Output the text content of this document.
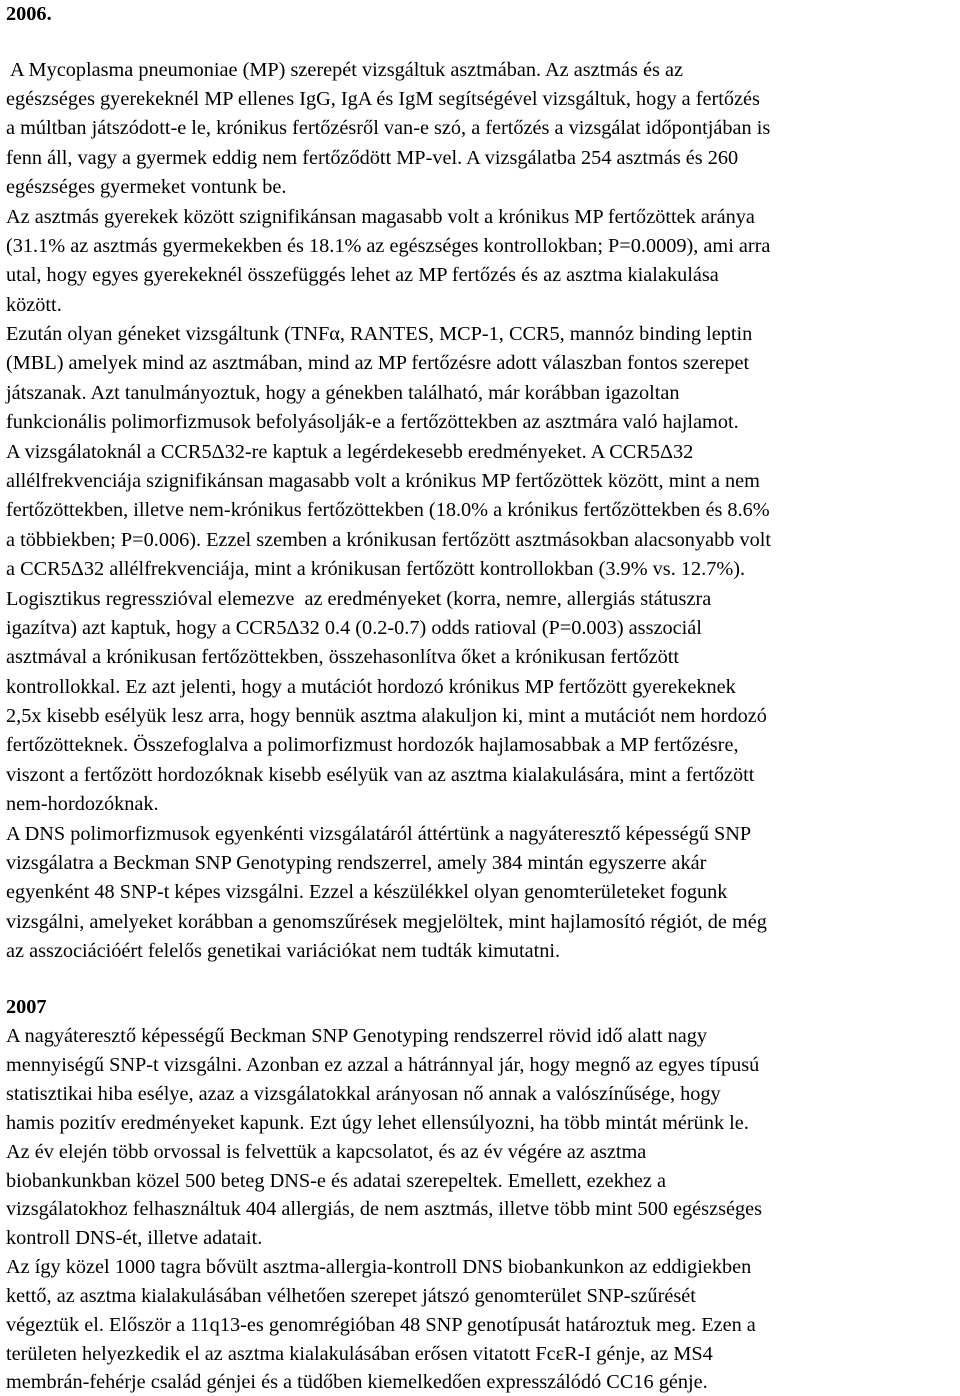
2006.
A Mycoplasma pneumoniae (MP) szerepét vizsgáltuk asztmában. Az asztmás és az
egészséges gyerekeknél MP ellenes IgG, IgA és IgM segítségével vizsgáltuk, hogy a fertőzés
a múltban játszódott-e le, krónikus fertőzésről van-e szó, a fertőzés a vizsgálat időpontjában is
fenn áll, vagy a gyermek eddig nem fertőződött MP-vel. A vizsgálatba 254 asztmás és 260
egészséges gyermeket vontunk be.
Az asztmás gyerekek között szignifikánsan magasabb volt a krónikus MP fertőzöttek aránya
(31.1% az asztmás gyermekekben és 18.1% az egészséges kontrollokban; P=0.0009), ami arra
utal, hogy egyes gyerekeknél összefüggés lehet az MP fertőzés és az asztma kialakulása
között.
Ezután olyan géneket vizsgáltunk (TNFα, RANTES, MCP-1, CCR5, mannóz binding leptin
(MBL) amelyek mind az asztmában, mind az MP fertőzésre adott válaszban fontos szerepet
játszanak. Azt tanulmányoztuk, hogy a génekben található, már korábban igazoltan
funkcionális polimorfizmusok befolyásolják-e a fertőzöttekben az asztmára való hajlamot.
A vizsgálatoknál a CCR5Δ32-re kaptuk a legérdekesebb eredményeket. A CCR5Δ32
allélfrekvenciája szignifikánsan magasabb volt a krónikus MP fertőzöttek között, mint a nem
fertőzöttekben, illetve nem-krónikus fertőzöttekben (18.0% a krónikus fertőzöttekben és 8.6%
a többiekben; P=0.006). Ezzel szemben a krónikusan fertőzött asztmásokban alacsonyabb volt
a CCR5Δ32 allélfrekvenciája, mint a krónikusan fertőzött kontrollokban (3.9% vs. 12.7%).
Logisztikus regresszióval elemezve  az eredményeket (korra, nemre, allergiás státuszra
igazítva) azt kaptuk, hogy a CCR5Δ32 0.4 (0.2-0.7) odds ratioval (P=0.003) asszociál
asztmával a krónikusan fertőzöttekben, összehasonlítva őket a krónikusan fertőzött
kontrollokkal. Ez azt jelenti, hogy a mutációt hordozó krónikus MP fertőzött gyerekeknek
2,5x kisebb esélyük lesz arra, hogy bennük asztma alakuljon ki, mint a mutációt nem hordozó
fertőzötteknek. Összefoglalva a polimorfizmust hordozók hajlamosabbak a MP fertőzésre,
viszont a fertőzött hordozóknak kisebb esélyük van az asztma kialakulására, mint a fertőzött
nem-hordozóknak.
A DNS polimorfizmusok egyenkénti vizsgálatáról áttértünk a nagyáteresztő képességű SNP
vizsgálatra a Beckman SNP Genotyping rendszerrel, amely 384 mintán egyszerre akár
egyenként 48 SNP-t képes vizsgálni. Ezzel a készülékkel olyan genomterületeket fogunk
vizsgálni, amelyeket korábban a genomszűrések megjelöltek, mint hajlamosító régiót, de még
az asszociációért felelős genetikai variációkat nem tudták kimutatni.
2007
A nagyáteresztő képességű Beckman SNP Genotyping rendszerrel rövid idő alatt nagy
mennyiségű SNP-t vizsgálni. Azonban ez azzal a hátránnyal jár, hogy megnő az egyes típusú
statisztikai hiba esélye, azaz a vizsgálatokkal arányosan nő annak a valószínűsége, hogy
hamis pozitív eredményeket kapunk. Ezt úgy lehet ellensúlyozni, ha több mintát mérünk le.
Az év elején több orvossal is felvettük a kapcsolatot, és az év végére az asztma
biobankunkban közel 500 beteg DNS-e és adatai szerepeltek. Emellett, ezekhez a
vizsgálatokhoz felhasználtuk 404 allergiás, de nem asztmás, illetve több mint 500 egészséges
kontroll DNS-ét, illetve adatait.
Az így közel 1000 tagra bővült asztma-allergia-kontroll DNS biobankunkon az eddigiekben
kettő, az asztma kialakulásában vélhetően szerepet játszó genomterület SNP-szűrését
végeztük el. Először a 11q13-es genomrégióban 48 SNP genotípusát határoztuk meg. Ezen a
területen helyezkedik el az asztma kialakulásában erősen vitatott FcεR-I génje, az MS4
membrán-fehérje család génjei és a tüdőben kiemelkedően expresszálódó CC16 génje.
